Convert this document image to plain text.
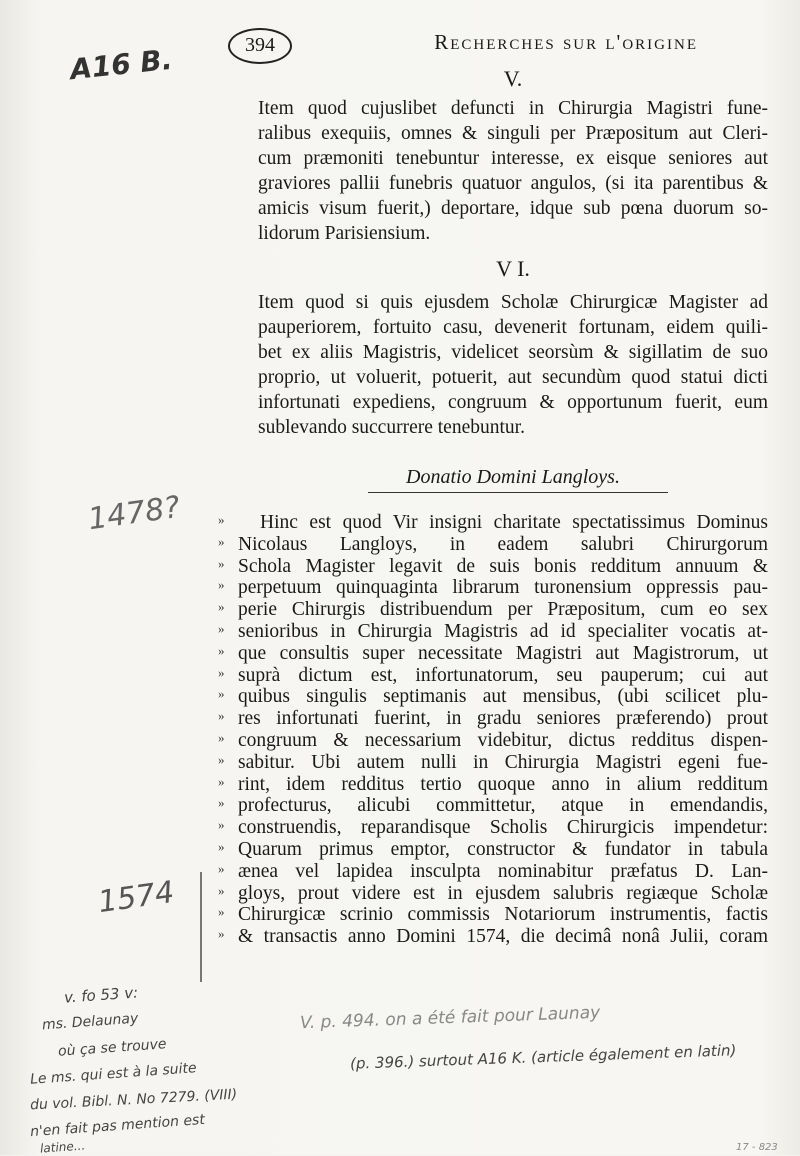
394	Recherches sur l'origine
A16 B.
1478?
1574
V.
Item quod cujuslibet defuncti in Chirurgia Magistri fune-
ralibus exequiis, omnes & singuli per Præpositum aut Cleri-
cum præmoniti tenebuntur interesse, ex eisque seniores aut
graviores pallii funebris quatuor angulos, (si ita parentibus &
amicis visum fuerit,) deportare, idque sub pœna duorum so-
lidorum Parisiensium.
V I.
Item quod si quis ejusdem Scholæ Chirurgicæ Magister ad
pauperiorem, fortuito casu, devenerit fortunam, eidem quili-
bet ex aliis Magistris, videlicet seorsùm & sigillatim de suo
proprio, ut voluerit, potuerit, aut secundùm quod statui dicti
infortunati expediens, congruum & opportunum fuerit, eum
sublevando succurrere tenebuntur.
Donatio Domini Langloys.
»
»
»
»
»
»
»
»
»
»
»
»
»
»
»
»
»
»
»
»
Hinc est quod Vir insigni charitate spectatissimus Dominus
Nicolaus Langloys, in eadem salubri Chirurgorum
Schola Magister legavit de suis bonis redditum annuum &
perpetuum quinquaginta librarum turonensium oppressis pau-
perie Chirurgis distribuendum per Præpositum, cum eo sex
senioribus in Chirurgia Magistris ad id specialiter vocatis at-
que consultis super necessitate Magistri aut Magistrorum, ut
suprà dictum est, infortunatorum, seu pauperum; cui aut
quibus singulis septimanis aut mensibus, (ubi scilicet plu-
res infortunati fuerint, in gradu seniores præferendo) prout
congruum & necessarium videbitur, dictus redditus dispen-
sabitur. Ubi autem nulli in Chirurgia Magistri egeni fue-
rint, idem redditus tertio quoque anno in alium redditum
profecturus, alicubi committetur, atque in emendandis,
construendis, reparandisque Scholis Chirurgicis impendetur:
Quarum primus emptor, constructor & fundator in tabula
ænea vel lapidea insculpta nominabitur præfatus D. Lan-
gloys, prout videre est in ejusdem salubris regiæque Scholæ
Chirurgicæ scrinio commissis Notariorum instrumentis, factis
& transactis anno Domini 1574, die decimâ nonâ Julii, coram
V. p. 494. on a été fait pour Launay
(p. 396.) surtout A16 K. (article également en latin)
v. fo 53 v:
ms. Delaunay
où ça se trouve
Le ms. qui est à la suite
du vol. Bibl. N. No 7279. (VIII)
n'en fait pas mention est
latine...	17 - 823
